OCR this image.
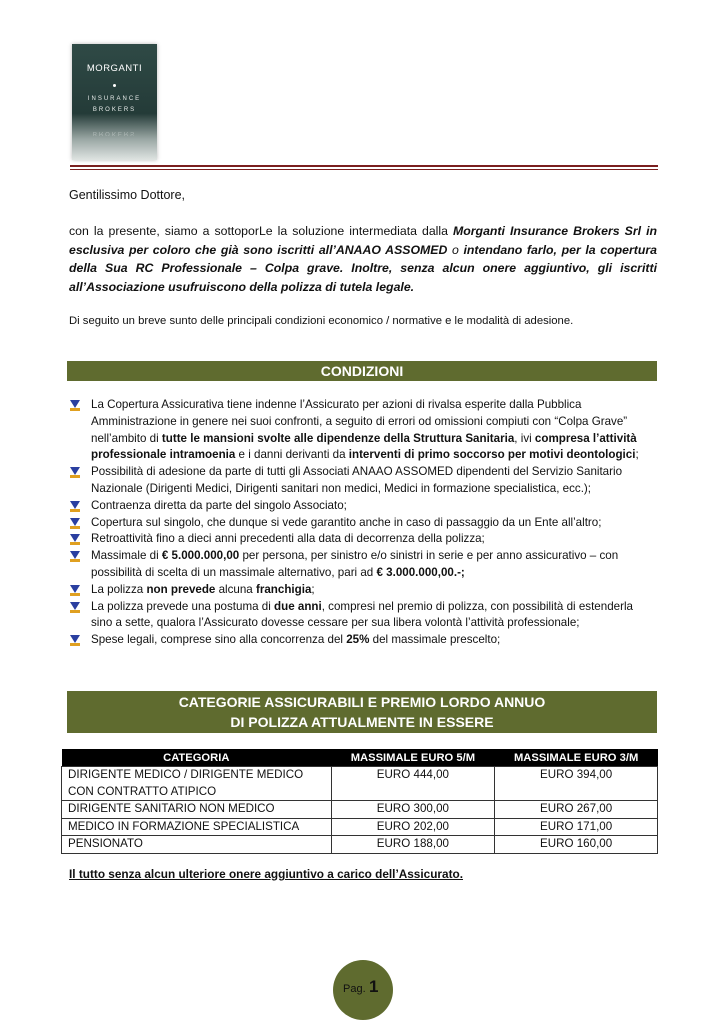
MORGANTI
INSURANCE
BROKERS
BROKERS
Gentilissimo Dottore,
con la presente, siamo a sottoporLe la soluzione intermediata dalla Morganti Insurance Brokers Srl in esclusiva per coloro che già sono iscritti all’ANAAO ASSOMED o intendano farlo, per la copertura della Sua RC Professionale – Colpa grave. Inoltre, senza alcun onere aggiuntivo, gli iscritti all’Associazione usufruiscono della polizza di tutela legale.
Di seguito un breve sunto delle principali condizioni economico / normative e le modalità di adesione.
CONDIZIONI
La Copertura Assicurativa tiene indenne l’Assicurato per azioni di rivalsa esperite dalla Pubblica Amministrazione in genere nei suoi confronti, a seguito di errori od omissioni compiuti con “Colpa Grave” nell’ambito di tutte le mansioni svolte alle dipendenze della Struttura Sanitaria, ivi compresa l’attività professionale intramoenia e i danni derivanti da interventi di primo soccorso per motivi deontologici;
Possibilità di adesione da parte di tutti gli Associati ANAAO ASSOMED dipendenti del Servizio Sanitario Nazionale (Dirigenti Medici, Dirigenti sanitari non medici, Medici in formazione specialistica, ecc.);
Contraenza diretta da parte del singolo Associato;
Copertura sul singolo, che dunque si vede garantito anche in caso di passaggio da un Ente all’altro;
Retroattività fino a dieci anni precedenti alla data di decorrenza della polizza;
Massimale di € 5.000.000,00 per persona, per sinistro e/o sinistri in serie e per anno assicurativo – con possibilità di scelta di un massimale alternativo, pari ad € 3.000.000,00.-;
La polizza non prevede alcuna franchigia;
La polizza prevede una postuma di due anni, compresi nel premio di polizza, con possibilità di estenderla sino a sette, qualora l’Assicurato dovesse cessare per sua libera volontà l’attività professionale;
Spese legali, comprese sino alla concorrenza del 25% del massimale prescelto;
CATEGORIE ASSICURABILI E PREMIO LORDO ANNUO
DI POLIZZA ATTUALMENTE IN ESSERE
CATEGORIA	MASSIMALE EURO 5/M	MASSIMALE EURO 3/M
DIRIGENTE MEDICO / DIRIGENTE MEDICO CON CONTRATTO ATIPICO	EURO 444,00	EURO 394,00
DIRIGENTE SANITARIO NON MEDICO	EURO 300,00	EURO 267,00
MEDICO IN FORMAZIONE SPECIALISTICA	EURO 202,00	EURO 171,00
PENSIONATO	EURO 188,00	EURO 160,00
Il tutto senza alcun ulteriore onere aggiuntivo a carico dell’Assicurato.
Pag. 1
